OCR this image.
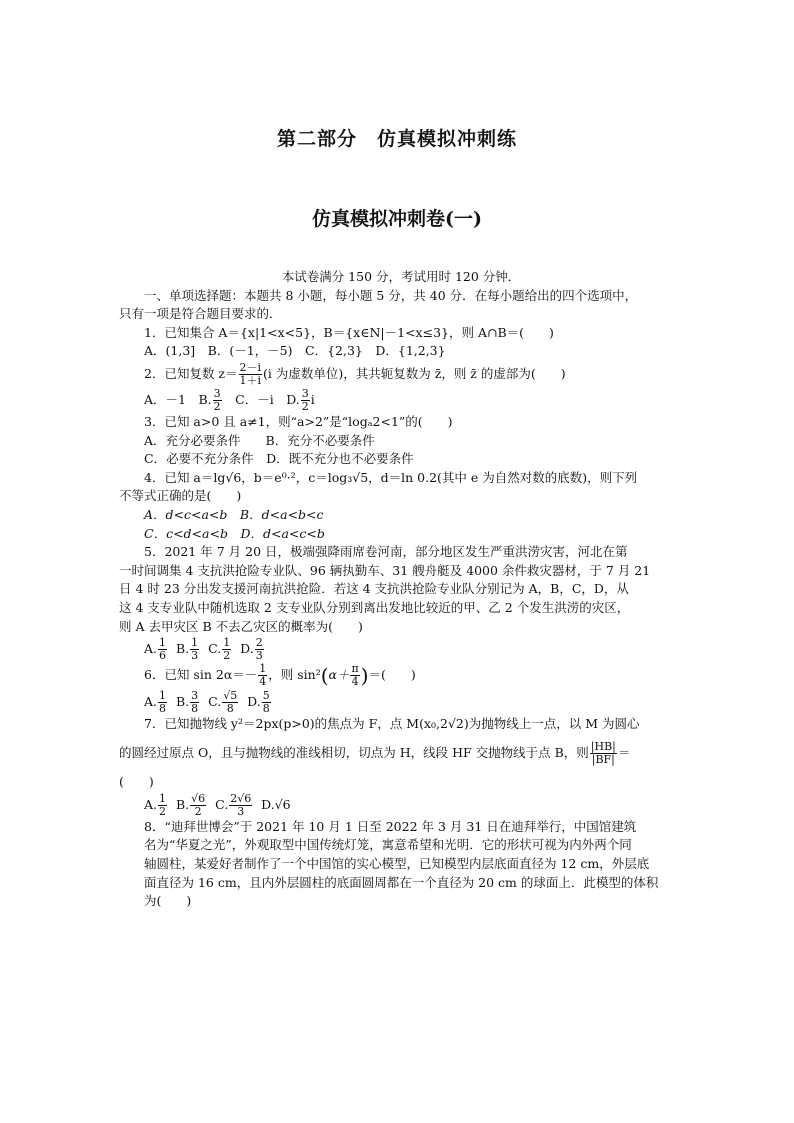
第二部分　仿真模拟冲刺练
仿真模拟冲刺卷(一)

本试卷满分 150 分，考试用时 120 分钟．

一、单项选择题：本题共 8 小题，每小题 5 分，共 40 分．在每小题给出的四个选项中，

只有一项是符合题目要求的．

1．已知集合 A＝{x|1<x<5}，B＝{x∈N|－1<x≤3}，则 A∩B＝(　　)

A．(1,3]　B．(－1，－5)　C．{2,3}　D．{1,2,3}

2．已知复数 $z= \frac{2-i}{1+i} (i$ 为虚数单位)，其共轭复数为 z̄，则 z̄ 的虚部为(　　)

A．－1　B. $\frac{3}{2}$ 　C．－i　D. $\frac{3}{2}$ i

3．已知 a>0 且 a≠1，则“a>2”是“logₐ2<1”的(　　)

A．充分必要条件　　B．充分不必要条件

C．必要不充分条件　D．既不充分也不必要条件

4．已知 a＝lg√6，b＝e⁰·²，c＝log₃√5，d＝ln 0.2(其中 e 为自然对数的底数)，则下列

不等式正确的是(　　)

A．d<c<a<b　B．d<a<b<c

C．c<d<a<b　D．d<a<c<b

5．2021 年 7 月 20 日，极端强降雨席卷河南，部分地区发生严重洪涝灾害，河北在第

一时间调集 4 支抗洪抢险专业队、96 辆执勤车、31 艘舟艇及 4000 余件救灾器材，于 7 月 21

日 4 时 23 分出发支援河南抗洪抢险．若这 4 支抗洪抢险专业队分别记为 A，B，C，D，从

这 4 支专业队中随机选取 2 支专业队分别到离出发地比较近的甲、乙 2 个发生洪涝的灾区，

则 A 去甲灾区 B 不去乙灾区的概率为(　　)

A. $\frac{1}{6} B$. $\frac{1}{3} C$. $\frac{1}{2} D$. $\frac{2}{3}$

6．已知 $\sin 2\alpha=- \frac{1}{4}$ ，则 $\sin^2(\alpha+ \frac{\pi}{4}$ )＝(　　)

A. $\frac{1}{8} B$. $\frac{3}{8} C$. $\frac{√5}{8} D$. $\frac{5}{8}$

7．已知抛物线 y²＝2px(p>0)的焦点为 F，点 M(x₀,2√2)为抛物线上一点，以 M 为圆心

的圆经过原点 O，且与抛物线的准线相切，切点为 H，线段 HF 交抛物线于点 B，则 $\frac{|HB|}{|BF|}$ ＝

(　　)

A. $\frac{1}{2} B$. $\frac{√6}{2} C$. $\frac{2√6}{3} D.√6$

8．“迪拜世博会”于 2021 年 10 月 1 日至 2022 年 3 月 31 日在迪拜举行，中国馆建筑

名为“华夏之光”，外观取型中国传统灯笼，寓意希望和光明．它的形状可视为内外两个同

轴圆柱，某爱好者制作了一个中国馆的实心模型，已知模型内层底面直径为 12 cm，外层底

面直径为 16 cm，且内外层圆柱的底面圆周都在一个直径为 20 cm 的球面上．此模型的体积

为(　　)
